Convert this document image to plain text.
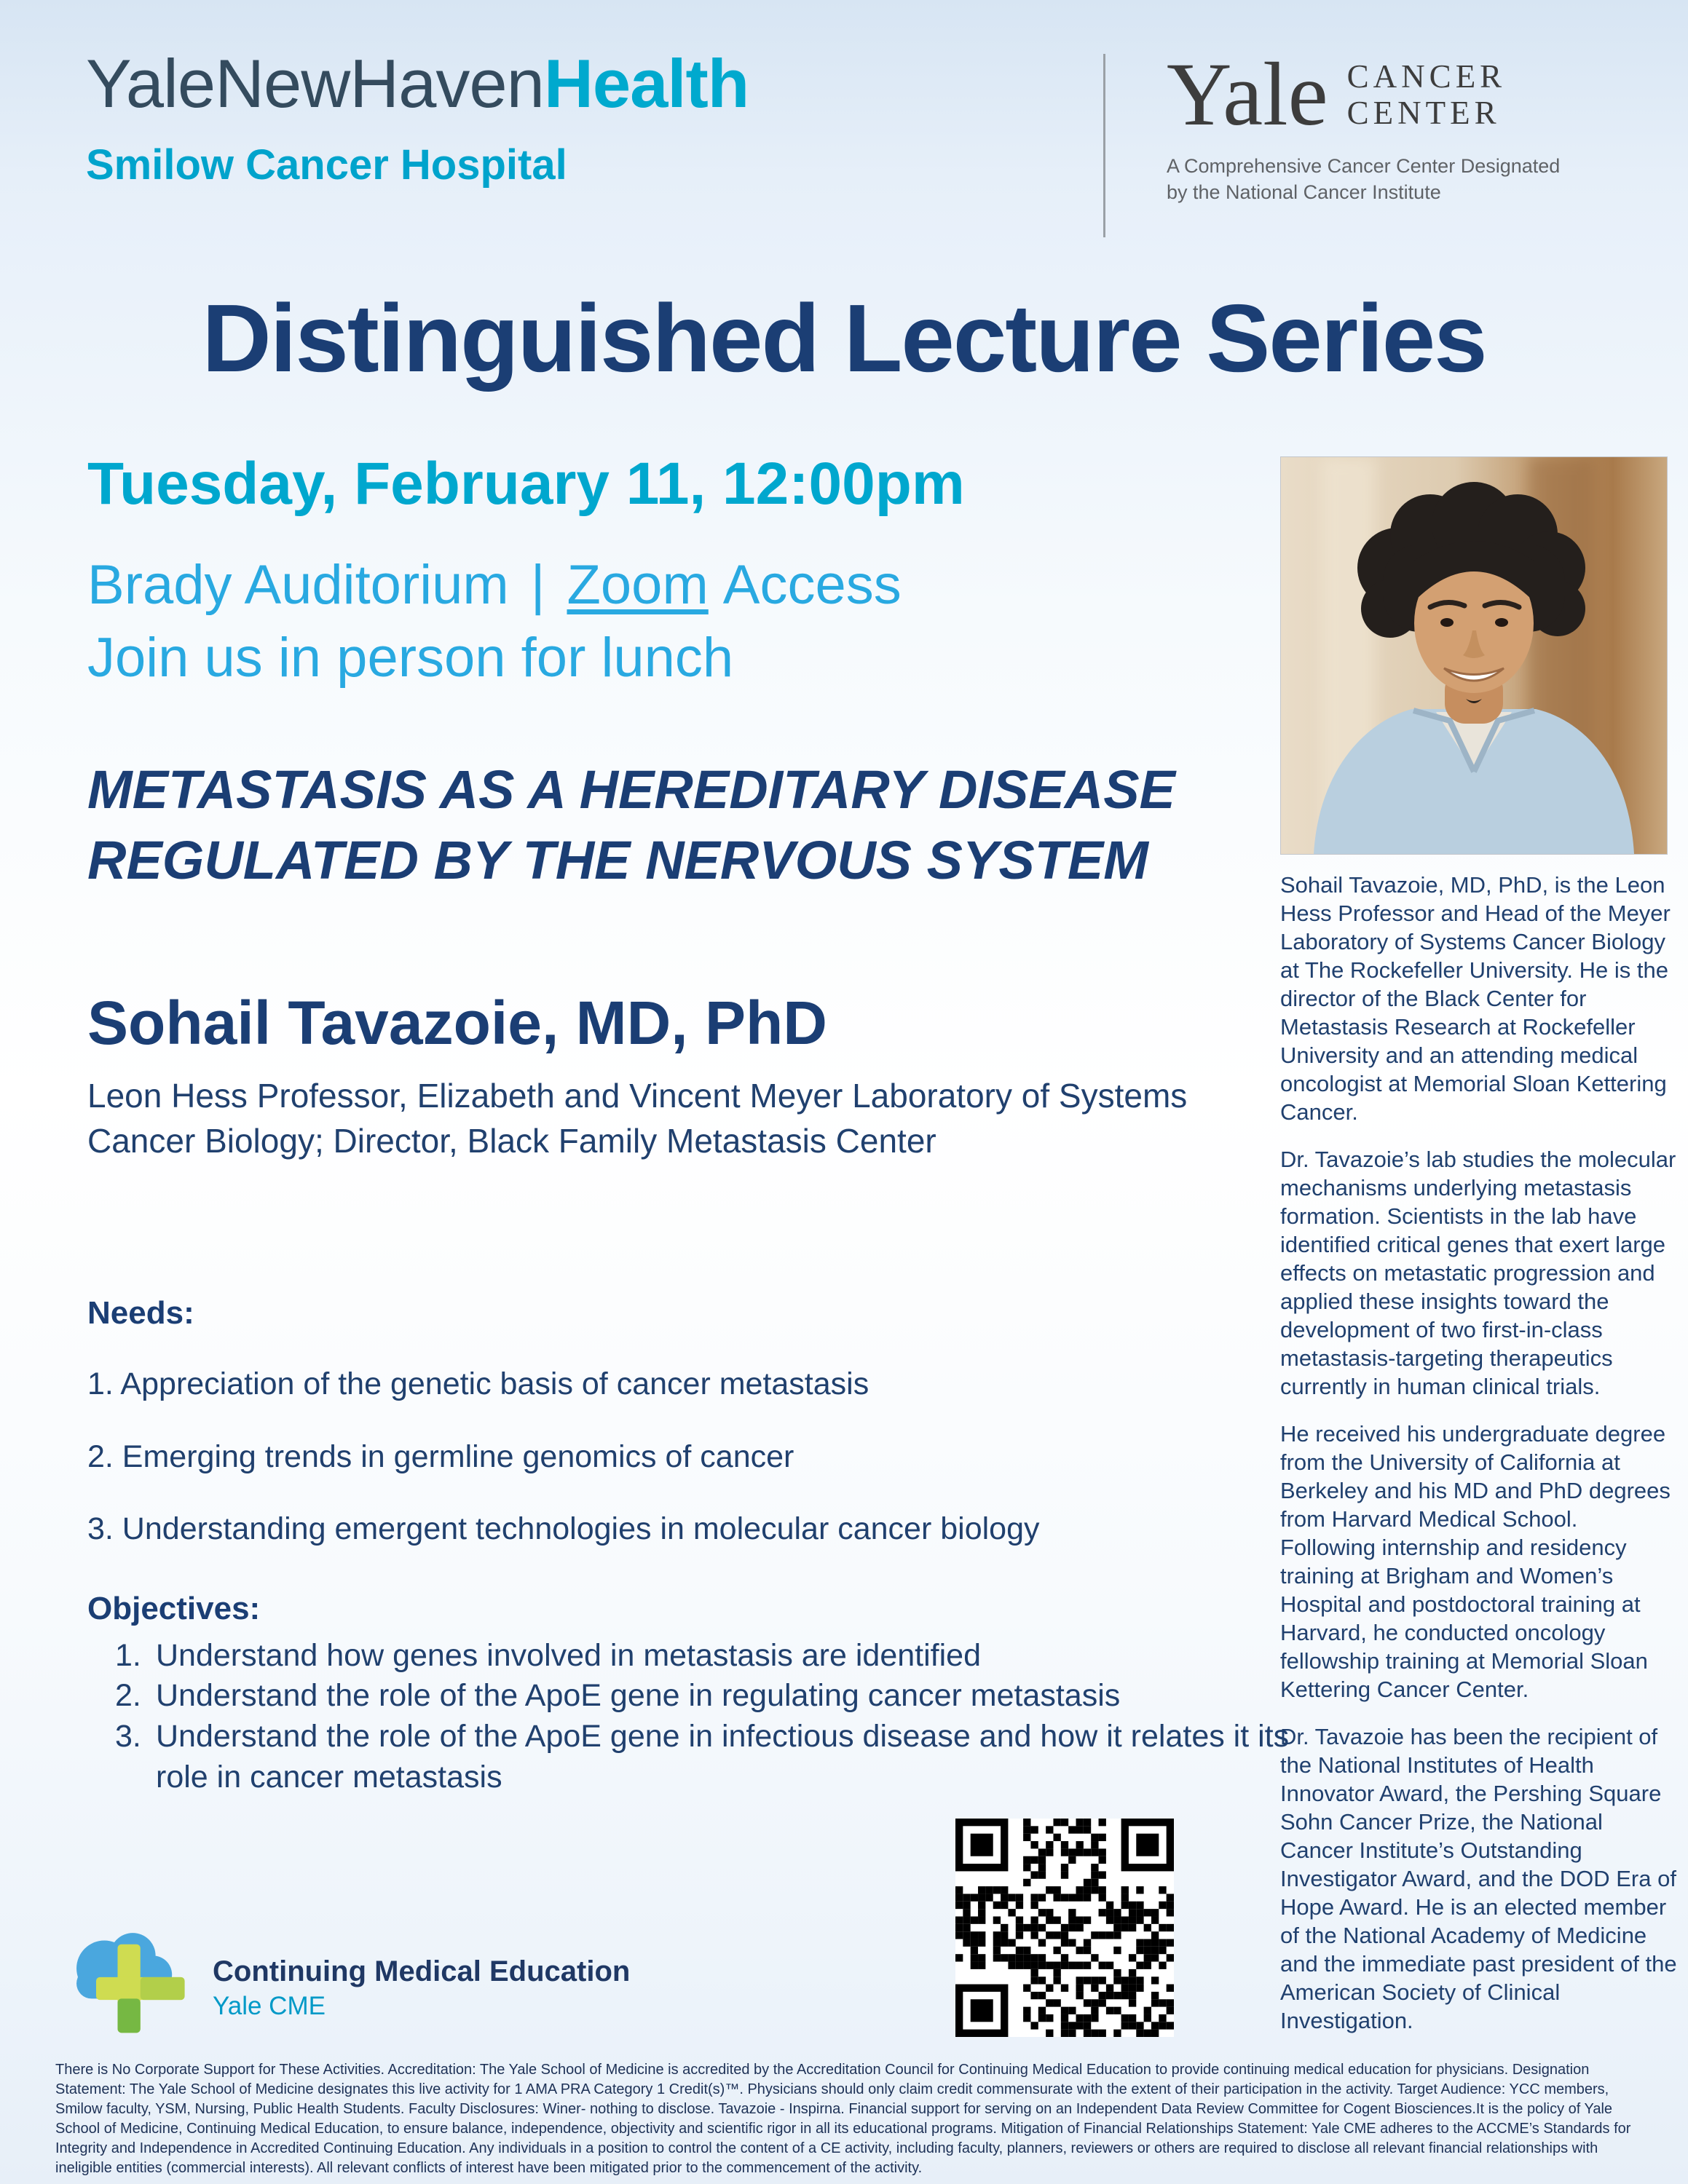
YaleNewHavenHealth
Smilow Cancer Hospital
Yale CANCER
CENTER
A Comprehensive Cancer Center Designated
by the National Cancer Institute
Distinguished Lecture Series
Tuesday, February 11, 12:00pm
Brady Auditorium | Zoom Access
Join us in person for lunch
METASTASIS AS A HEREDITARY DISEASE REGULATED BY THE NERVOUS SYSTEM
Sohail Tavazoie, MD, PhD
Leon Hess Professor, Elizabeth and Vincent Meyer Laboratory of Systems Cancer Biology; Director, Black Family Metastasis Center
Needs:
1. Appreciation of the genetic basis of cancer metastasis
2. Emerging trends in germline genomics of cancer
3. Understanding emergent technologies in molecular cancer biology
Objectives:
1. Understand how genes involved in metastasis are identified
2. Understand the role of the ApoE gene in regulating cancer metastasis
3. Understand the role of the ApoE gene in infectious disease and how it relates it its role in cancer metastasis

Sohail Tavazoie, MD, PhD, is the Leon Hess Professor and Head of the Meyer Laboratory of Systems Cancer Biology at The Rockefeller University. He is the director of the Black Center for Metastasis Research at Rockefeller University and an attending medical oncologist at Memorial Sloan Kettering Cancer.

Dr. Tavazoie’s lab studies the molecular mechanisms underlying metastasis formation. Scientists in the lab have identified critical genes that exert large effects on metastatic progression and applied these insights toward the development of two first-in-class metastasis-targeting therapeutics currently in human clinical trials.

He received his undergraduate degree from the University of California at Berkeley and his MD and PhD degrees from Harvard Medical School. Following internship and residency training at Brigham and Women’s Hospital and postdoctoral training at Harvard, he conducted oncology fellowship training at Memorial Sloan Kettering Cancer Center.

Dr. Tavazoie has been the recipient of the National Institutes of Health Innovator Award, the Pershing Square Sohn Cancer Prize, the National Cancer Institute’s Outstanding Investigator Award, and the DOD Era of Hope Award. He is an elected member of the National Academy of Medicine and the immediate past president of the American Society of Clinical Investigation.

Continuing Medical Education
Yale CME
There is No Corporate Support for These Activities. Accreditation: The Yale School of Medicine is accredited by the Accreditation Council for Continuing Medical Education to provide continuing medical education for physicians. Designation Statement: The Yale School of Medicine designates this live activity for 1 AMA PRA Category 1 Credit(s)™. Physicians should only claim credit commensurate with the extent of their participation in the activity. Target Audience: YCC members, Smilow faculty, YSM, Nursing, Public Health Students. Faculty Disclosures: Winer- nothing to disclose. Tavazoie - Inspirna. Financial support for serving on an Independent Data Review Committee for Cogent Biosciences.It is the policy of Yale School of Medicine, Continuing Medical Education, to ensure balance, independence, objectivity and scientific rigor in all its educational programs. Mitigation of Financial Relationships Statement: Yale CME adheres to the ACCME’s Standards for Integrity and Independence in Accredited Continuing Education. Any individuals in a position to control the content of a CE activity, including faculty, planners, reviewers or others are required to disclose all relevant financial relationships with ineligible entities (commercial interests). All relevant conflicts of interest have been mitigated prior to the commencement of the activity.
